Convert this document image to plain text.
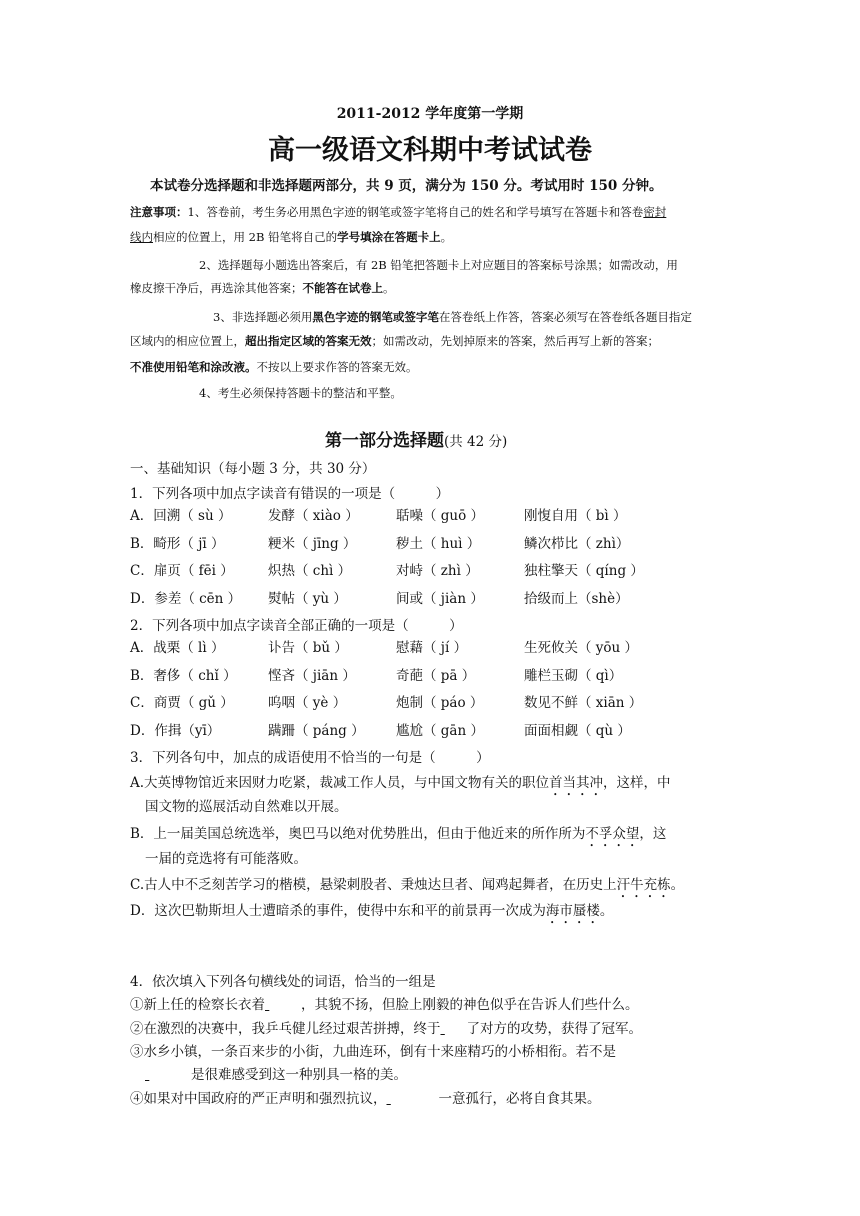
2011-2012 学年度第一学期
高一级语文科期中考试试卷
本试卷分选择题和非选择题两部分，共 9 页，满分为 150 分。考试用时 150 分钟。
注意事项：1、答卷前，考生务必用黑色字迹的钢笔或签字笔将自己的姓名和学号填写在答题卡和答卷密封
线内相应的位置上，用 2B 铅笔将自己的学号填涂在答题卡上。
2、选择题每小题选出答案后，有 2B 铅笔把答题卡上对应题目的答案标号涂黑；如需改动，用
橡皮擦干净后，再选涂其他答案；不能答在试卷上。
3、非选择题必须用黑色字迹的钢笔或签字笔在答卷纸上作答，答案必须写在答卷纸各题目指定
区域内的相应位置上，超出指定区域的答案无效；如需改动，先划掉原来的答案，然后再写上新的答案；
不准使用铅笔和涂改液。不按以上要求作答的答案无效。
4、考生必须保持答题卡的整洁和平整。
第一部分选择题(共 42 分)
一、基础知识（每小题 3 分，共 30 分）
1．下列各项中加点字读音有错误的一项是（　　　）
A．回溯（ sù ）	发酵（ xiào ）	聒噪（ guō ）	刚愎自用（ bì ）
B．畸形（ jī ）	粳米（ jīng ）	秽土（ huì ）	鳞次栉比（ zhì）
C．扉页（ fēi ）	炽热（ chì ）	对峙（ zhì ）	独柱擎天（ qíng ）
D．参差（ cēn ） 熨帖（ yù ）	间或（ jiàn ）	拾级而上（shè）
2．下列各项中加点字读音全部正确的一项是（　　　）
A．战栗（ lì ）	讣告（ bǔ ）	慰藉（ jí ）	生死攸关（ yōu ）
B．奢侈（ chǐ ） 悭吝（ jiān ）	奇葩（ pā ）	雕栏玉砌（ qì）
C．商贾（ gǔ ）	呜咽（ yè ）	炮制（ páo ）	数见不鲜（ xiān ）
D．作揖（yī）	蹒跚（ páng ） 尴尬（ gān ）	面面相觑（ qù ）
3．下列各句中，加点的成语使用不恰当的一句是（　　　）
A.大英博物馆近来因财力吃紧，裁减工作人员，与中国文物有关的职位首当其冲，这样，中
国文物的巡展活动自然难以开展。
B．上一届美国总统选举，奥巴马以绝对优势胜出，但由于他近来的所作所为不孚众望，这
一届的竞选将有可能落败。
C.古人中不乏刻苦学习的楷模，悬梁刺股者、秉烛达旦者、闻鸡起舞者，在历史上汗牛充栋。
D．这次巴勒斯坦人士遭暗杀的事件，使得中东和平的前景再一次成为海市蜃楼。
4．依次填入下列各句横线处的词语，恰当的一组是
①新上任的检察长衣着	，其貌不扬，但脸上刚毅的神色似乎在告诉人们些什么。
②在激烈的决赛中，我乒乓健儿经过艰苦拼搏，终于 了对方的攻势，获得了冠军。
③水乡小镇，一条百来步的小街，九曲连环，倒有十来座精巧的小桥相衔。若不是
是很难感受到这一种别具一格的美。
④如果对中国政府的严正声明和强烈抗议，	一意孤行，必将自食其果。
